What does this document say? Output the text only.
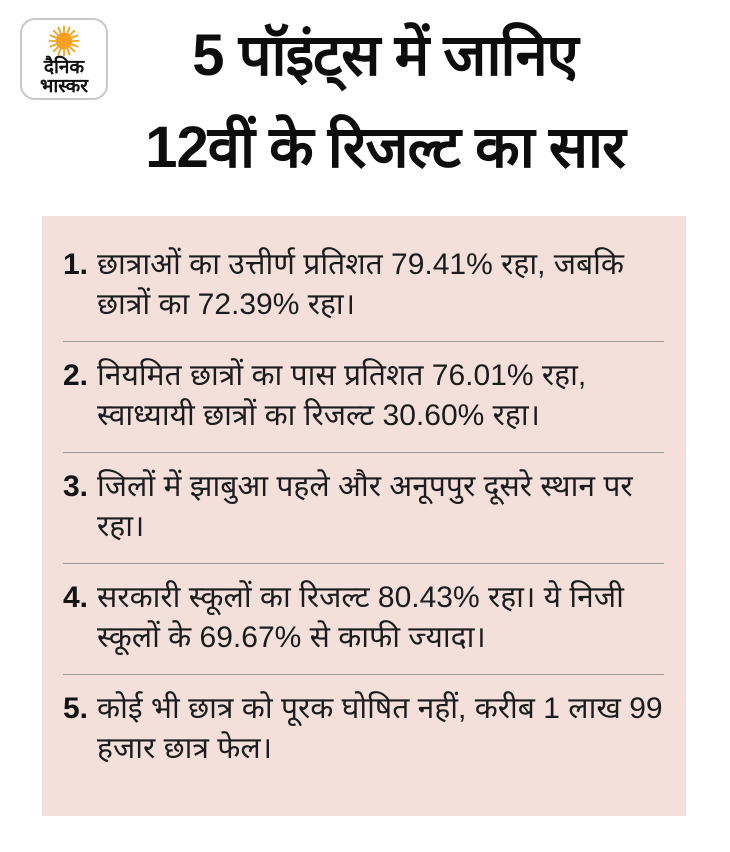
दैनिक
भास्कर	5 पॉइंट्स में जानिए
12वीं के रिजल्ट का सार
1. छात्राओं का उत्तीर्ण प्रतिशत 79.41% रहा, जबकि छात्रों का 72.39% रहा।
2. नियमित छात्रों का पास प्रतिशत 76.01% रहा, स्वाध्यायी छात्रों का रिजल्ट 30.60% रहा।
3. जिलों में झाबुआ पहले और अनूपपुर दूसरे स्थान पर रहा।
4. सरकारी स्कूलों का रिजल्ट 80.43% रहा। ये निजी स्कूलों के 69.67% से काफी ज्यादा।
5. कोई भी छात्र को पूरक घोषित नहीं, करीब 1 लाख 99 हजार छात्र फेल।
